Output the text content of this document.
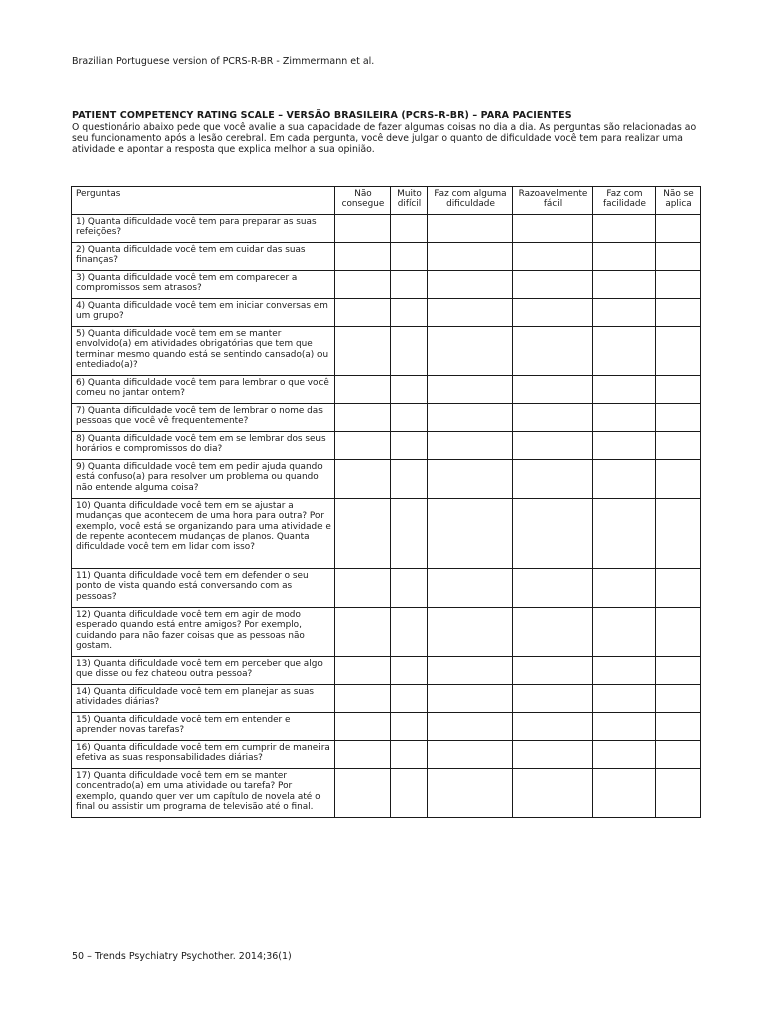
Brazilian Portuguese version of PCRS-R-BR - Zimmermann et al.
PATIENT COMPETENCY RATING SCALE – VERSÃO BRASILEIRA (PCRS-R-BR) – PARA PACIENTES
O questionário abaixo pede que você avalie a sua capacidade de fazer algumas coisas no dia a dia. As perguntas são relacionadas ao seu funcionamento após a lesão cerebral. Em cada pergunta, você deve julgar o quanto de dificuldade você tem para realizar uma atividade e apontar a resposta que explica melhor a sua opinião.
Perguntas	Não consegue	Muito difícil	Faz com alguma dificuldade	Razoavelmente fácil	Faz com facilidade	Não se aplica
1) Quanta dificuldade você tem para preparar as suas refeições?						
2) Quanta dificuldade você tem em cuidar das suas finanças?						
3) Quanta dificuldade você tem em comparecer a compromissos sem atrasos?						
4) Quanta dificuldade você tem em iniciar conversas em um grupo?						
5) Quanta dificuldade você tem em se manter envolvido(a) em atividades obrigatórias que tem que terminar mesmo quando está se sentindo cansado(a) ou entediado(a)?						
6) Quanta dificuldade você tem para lembrar o que você comeu no jantar ontem?						
7) Quanta dificuldade você tem de lembrar o nome das pessoas que você vê frequentemente?						
8) Quanta dificuldade você tem em se lembrar dos seus horários e compromissos do dia?						
9) Quanta dificuldade você tem em pedir ajuda quando está confuso(a) para resolver um problema ou quando não entende alguma coisa?						
10) Quanta dificuldade você tem em se ajustar a mudanças que acontecem de uma hora para outra? Por exemplo, você está se organizando para uma atividade e de repente acontecem mudanças de planos. Quanta dificuldade você tem em lidar com isso?						
11) Quanta dificuldade você tem em defender o seu ponto de vista quando está conversando com as pessoas?						
12) Quanta dificuldade você tem em agir de modo esperado quando está entre amigos? Por exemplo, cuidando para não fazer coisas que as pessoas não gostam.						
13) Quanta dificuldade você tem em perceber que algo que disse ou fez chateou outra pessoa?						
14) Quanta dificuldade você tem em planejar as suas atividades diárias?						
15) Quanta dificuldade você tem em entender e aprender novas tarefas?						
16) Quanta dificuldade você tem em cumprir de maneira efetiva as suas responsabilidades diárias?						
17) Quanta dificuldade você tem em se manter concentrado(a) em uma atividade ou tarefa? Por exemplo, quando quer ver um capítulo de novela até o final ou assistir um programa de televisão até o final.						
50 – Trends Psychiatry Psychother. 2014;36(1)
